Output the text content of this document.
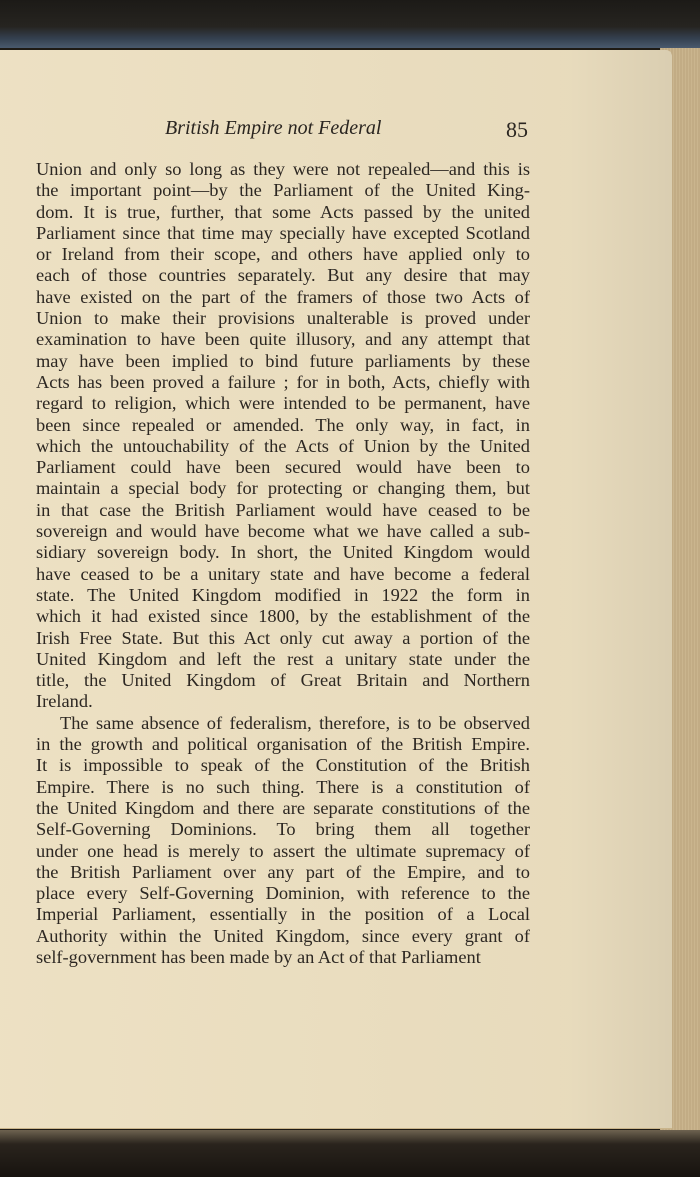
British Empire not Federal	85
Union and only so long as they were not repealed—and this is
the important point—by the Parliament of the United King-
dom. It is true, further, that some Acts passed by the united
Parliament since that time may specially have excepted Scotland
or Ireland from their scope, and others have applied only to
each of those countries separately. But any desire that may
have existed on the part of the framers of those two Acts of
Union to make their provisions unalterable is proved under
examination to have been quite illusory, and any attempt that
may have been implied to bind future parliaments by these
Acts has been proved a failure ; for in both, Acts, chiefly with
regard to religion, which were intended to be permanent, have
been since repealed or amended. The only way, in fact, in
which the untouchability of the Acts of Union by the United
Parliament could have been secured would have been to
maintain a special body for protecting or changing them, but
in that case the British Parliament would have ceased to be
sovereign and would have become what we have called a sub-
sidiary sovereign body. In short, the United Kingdom would
have ceased to be a unitary state and have become a federal
state. The United Kingdom modified in 1922 the form in
which it had existed since 1800, by the establishment of the
Irish Free State. But this Act only cut away a portion of the
United Kingdom and left the rest a unitary state under the
title, the United Kingdom of Great Britain and Northern
Ireland.
The same absence of federalism, therefore, is to be observed
in the growth and political organisation of the British Empire.
It is impossible to speak of the Constitution of the British
Empire. There is no such thing. There is a constitution of
the United Kingdom and there are separate constitutions of the
Self-Governing Dominions. To bring them all together
under one head is merely to assert the ultimate supremacy of
the British Parliament over any part of the Empire, and to
place every Self-Governing Dominion, with reference to the
Imperial Parliament, essentially in the position of a Local
Authority within the United Kingdom, since every grant of
self-government has been made by an Act of that Parliament
